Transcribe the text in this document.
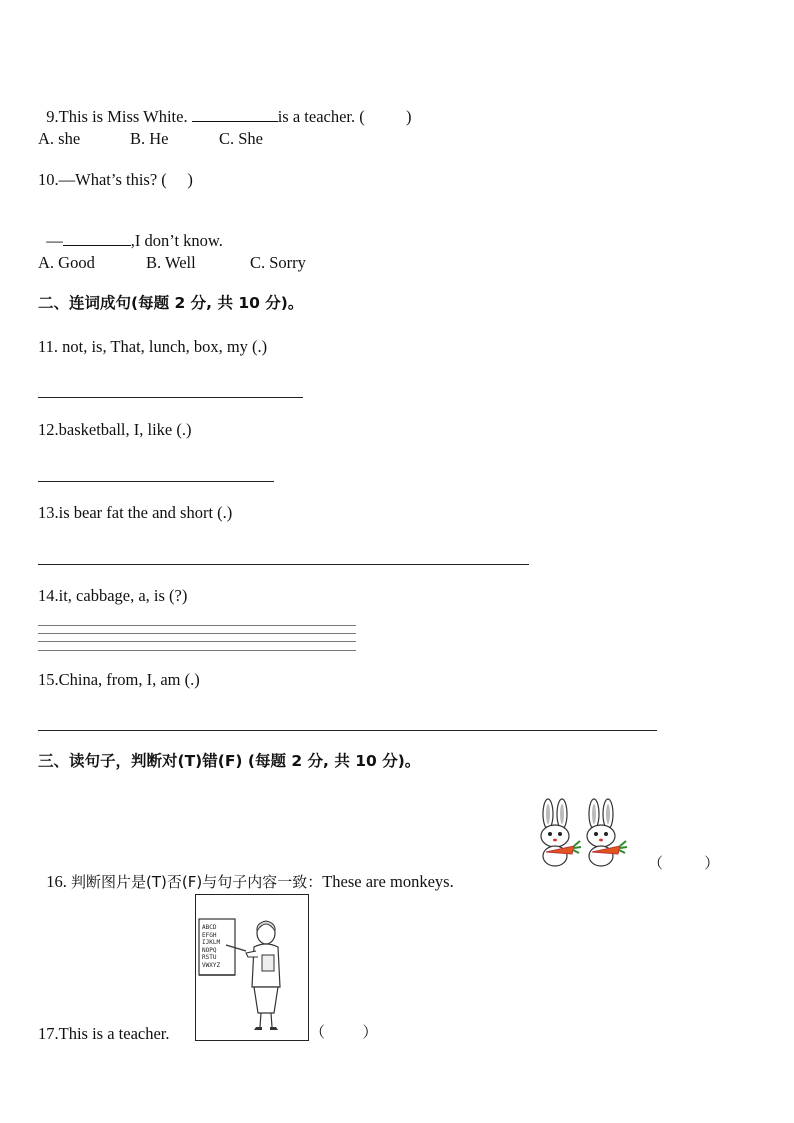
9.This is Miss White.	is a teacher. (          )

A. she	B. He	C. She
10.—What’s this? (     )

—	,I don’t know.

A. Good	B. Well	C. Sorry
二、连词成句(每题 2 分, 共 10 分)。
11. not, is, That, lunch, box, my (.)
12.basketball, I, like (.)
13.is bear fat the and short (.)
14.it, cabbage, a, is (?)
15.China, from, I, am (.)
三、读句子，判断对(T)错(F) (每题 2 分, 共 10 分)。

16. 判断图片是(T)否(F)与句子内容一致：These are monkeys.

（           ）
17.This is a teacher.
ABCD
EFGH
IJKLM
NOPQ
RSTU
VWXYZ
（          ）
